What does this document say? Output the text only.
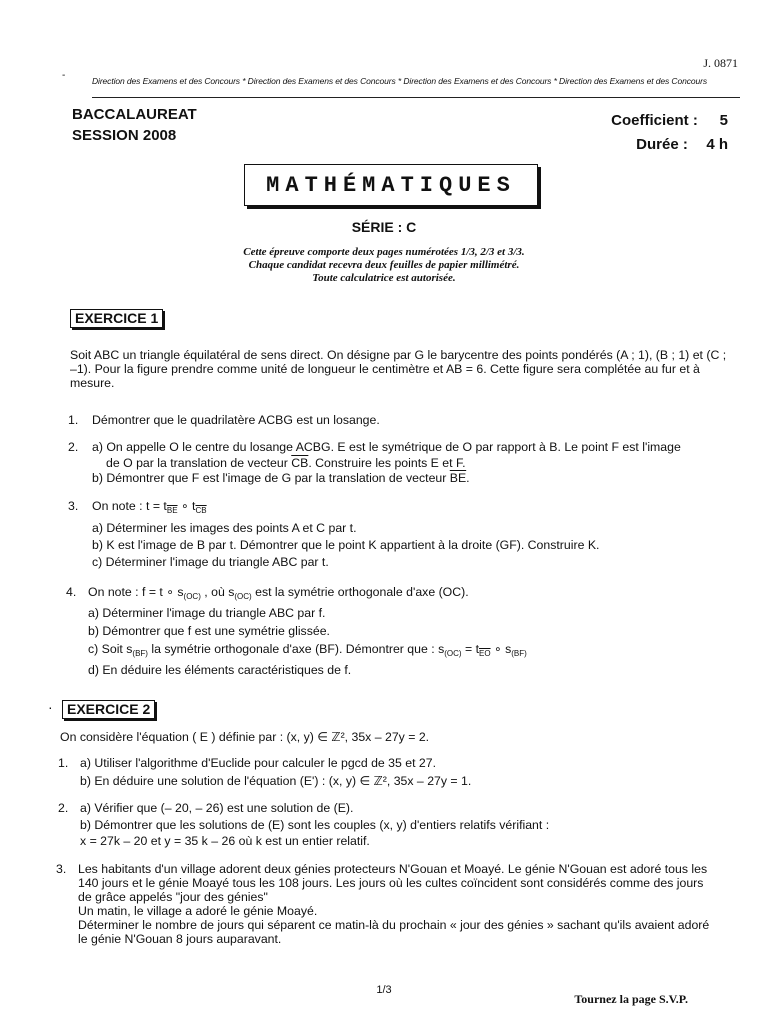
-
J. 0871
Direction des Examens et des Concours * Direction des Examens et des Concours * Direction des Examens et des Concours * Direction des Examens et des Concours
BACCALAUREAT
SESSION 2008
Coefficient : 5
Durée : 4 h
MATHÉMATIQUES
SÉRIE : C
Cette épreuve comporte deux pages numérotées 1/3, 2/3 et 3/3.
Chaque candidat recevra deux feuilles de papier millimétré.
Toute calculatrice est autorisée.
EXERCICE 1
Soit ABC un triangle équilatéral de sens direct. On désigne par G le barycentre des points pondérés (A ; 1), (B ; 1) et (C ; –1). Pour la figure prendre comme unité de longueur le centimètre et AB = 6. Cette figure sera complétée au fur et à mesure.
1. Démontrer que le quadrilatère ACBG est un losange.
2. a) On appelle O le centre du losange ACBG. E est le symétrique de O par rapport à B. Le point F est l'image
de O par la translation de vecteur $\overline{CB}$. Construire les points E et F.
b) Démontrer que F est l'image de G par la translation de vecteur $\overline{BE}$.
3. On note : $t = t_{\overline{BE}}$ ∘ $t_{\overline{CB}}$
a) Déterminer les images des points A et C par t.
b) K est l'image de B par t. Démontrer que le point K appartient à la droite (GF). Construire K.
c) Déterminer l'image du triangle ABC par t.
4. On note : f = t ∘ $s_{(OC)}$ , où $s_{(OC)}$ est la symétrie orthogonale d'axe (OC).
a) Déterminer l'image du triangle ABC par f.
b) Démontrer que f est une symétrie glissée.
c) Soit $s_{(BF)}$ la symétrie orthogonale d'axe (BF). Démontrer que : $s_{(OC)} = t_{\overline{EO}}$ ∘ $s_{(BF)}$
d) En déduire les éléments caractéristiques de f.
·	EXERCICE 2
On considère l'équation ( E ) définie par : (x, y) ∈ ℤ², 35x – 27y = 2.
1. a) Utiliser l'algorithme d'Euclide pour calculer le pgcd de 35 et 27.
b) En déduire une solution de l'équation (E') : (x, y) ∈ ℤ², 35x – 27y = 1.
2. a) Vérifier que (– 20, – 26) est une solution de (E).
b) Démontrer que les solutions de (E) sont les couples (x, y) d'entiers relatifs vérifiant :
x = 27k – 20 et y = 35 k – 26 où k est un entier relatif.
3. Les habitants d'un village adorent deux génies protecteurs N'Gouan et Moayé. Le génie N'Gouan est adoré tous les 140 jours et le génie Moayé tous les 108 jours. Les jours où les cultes coïncident sont considérés comme des jours de grâce appelés "jour des génies"
Un matin, le village a adoré le génie Moayé.
Déterminer le nombre de jours qui séparent ce matin-là du prochain « jour des génies » sachant qu'ils avaient adoré le génie N'Gouan 8 jours auparavant.
1/3
Tournez la page S.V.P.
